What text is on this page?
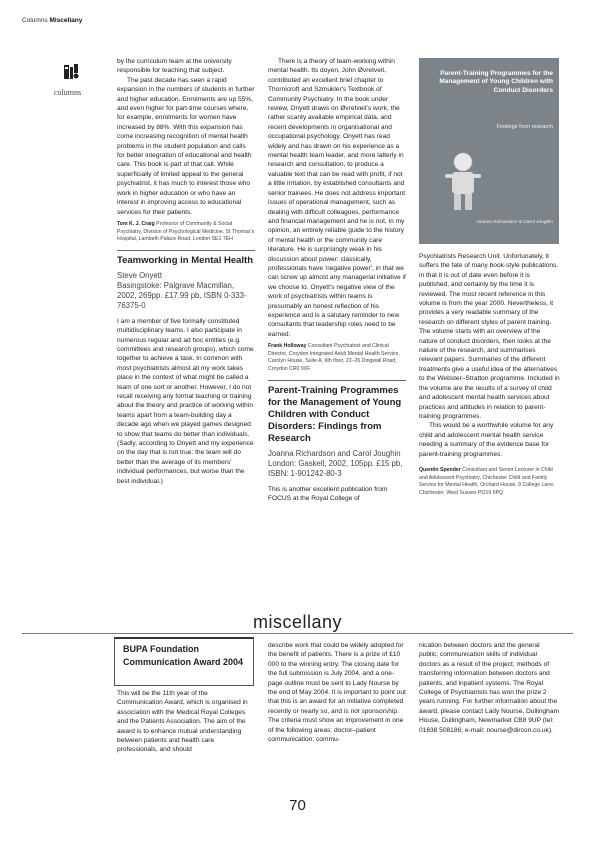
Columns Miscellany
columns

by the curriculum team at the university responsible for teaching that subject.

The past decade has seen a rapid expansion in the numbers of students in further and higher education. Enrolments are up 55%, and even higher for part-time courses where, for example, enrolments for women have increased by 88%. With this expansion has come increasing recognition of mental health problems in the student population and calls for better integration of educational and health care. This book is part of that call. While superficially of limited appeal to the general psychiatrist, it has much to interest those who work in higher education or who have an interest in improving access to educational services for their patients.

Tom K. J. Craig Professor of Community & Social Psychiatry, Division of Psychological Medicine, St Thomas's Hospital, Lambeth Palace Road, London SE1 7EH
Teamworking in Mental Health
Steve Onyett
Basingstoke: Palgrave Macmillan, 2002, 269pp. £17.99 pb, ISBN 0-333-76375-0

I am a member of five formally constituted multidisciplinary teams. I also participate in numerous regular and ad hoc entities (e.g. committees and research groups), which come together to achieve a task. In common with most psychiatrists almost all my work takes place in the context of what might be called a team of one sort or another. However, I do not recall receiving any formal teaching or training about the theory and practice of working within teams apart from a team-building day a decade ago when we played games designed to show that teams do better than individuals. (Sadly, according to Onyett and my experience on the day that is not true: the team will do better than the average of its members' individual performances, but worse than the best individual.)

There is a theory of team-working within mental health. Its doyen, John Øvretveit, contributed an excellent brief chapter to Thornicroft and Szmukler's Textbook of Community Psychiatry. In the book under review, Onyett draws on Øvretveit's work, the rather scanty available empirical data, and recent developments in organisational and occupational psychology. Onyett has read widely and has drawn on his experience as a mental health team leader, and more latterly in research and consultation, to produce a valuable text that can be read with profit, if not a little irritation, by established consultants and senior trainees. He does not address important issues of operational management, such as dealing with difficult colleagues, performance and financial management and he is not, in my opinion, an entirely reliable guide to the history of mental health or the community care literature. He is surprisingly weak in his discussion about power: classically, professionals have 'negative power', in that we can screw up almost any managerial initiative if we choose to. Onyett's negative view of the work of psychiatrists within teams is presumably an honest reflection of his experience and is a salutary reminder to new consultants that leadership roles need to be earned.

Frank Holloway Consultant Psychiatrist and Clinical Director, Croydon Integrated Adult Mental Health Service, Carolyn House, Suite A, 6th floor, 22–26 Dingwall Road, Croydon CR0 9XF
Parent-Training Programmes for the Management of Young Children with Conduct Disorders: Findings from Research
Joanna Richardson and Carol Joughin
London: Gaskell, 2002, 105pp. £15 pb, ISBN: 1-901242-80-3

This is another excellent publication from FOCUS at the Royal College of

Parent-Training Programmes for the Management of Young Children with Conduct Disorders
Findings from research
Joanna Richardson & Carol Joughin

Psychiatrists Research Unit. Unfortunately, it suffers the fate of many book-style publications, in that it is out of date even before it is published, and certainly by the time it is reviewed. The most recent reference in this volume is from the year 2000. Nevertheless, it provides a very readable summary of the research on different styles of parent training. The volume starts with an overview of the nature of conduct disorders, then looks at the nature of the research, and summarises relevant papers. Summaries of the different treatments give a useful idea of the alternatives to the Webster–Stratton programme. Included in the volume are the results of a survey of child and adolescent mental health services about practices and attitudes in relation to parent-training programmes.

This would be a worthwhile volume for any child and adolescent mental health service needing a summary of the evidence base for parent-training programmes.

Quentin Spender Consultant and Senior Lecturer in Child and Adolescent Psychiatry, Chichester Child and Family Service for Mental Health, Orchard House, 9 College Lane, Chichester, West Sussex PO19 6PQ
miscellany
BUPA Foundation Communication Award 2004

This will be the 11th year of the Communication Award, which is organised in association with the Medical Royal Colleges and the Patients Association. The aim of the award is to enhance mutual understanding between patients and health care professionals, and should

describe work that could be widely adopted for the benefit of patients. There is a prize of £10 000 to the winning entry. The closing date for the full submission is July 2004, and a one-page outline must be sent to Lady Nourse by the end of May 2004. It is important to point out that this is an award for an initiative completed recently or nearly so, and is not sponsorship. The criteria must show an improvement in one of the following areas: doctor–patient communication; commu-

nication between doctors and the general public; communication skills of individual doctors as a result of the project; methods of transferring information between doctors and patients, and inpatient systems. The Royal College of Psychiatrists has won the prize 2 years running. For further information about the award, please contact Lady Nourse, Dullingham House, Dullingham, Newmarket CB8 9UP (tel: 01638 508186; e-mail: nourse@dircon.co.uk).

70
